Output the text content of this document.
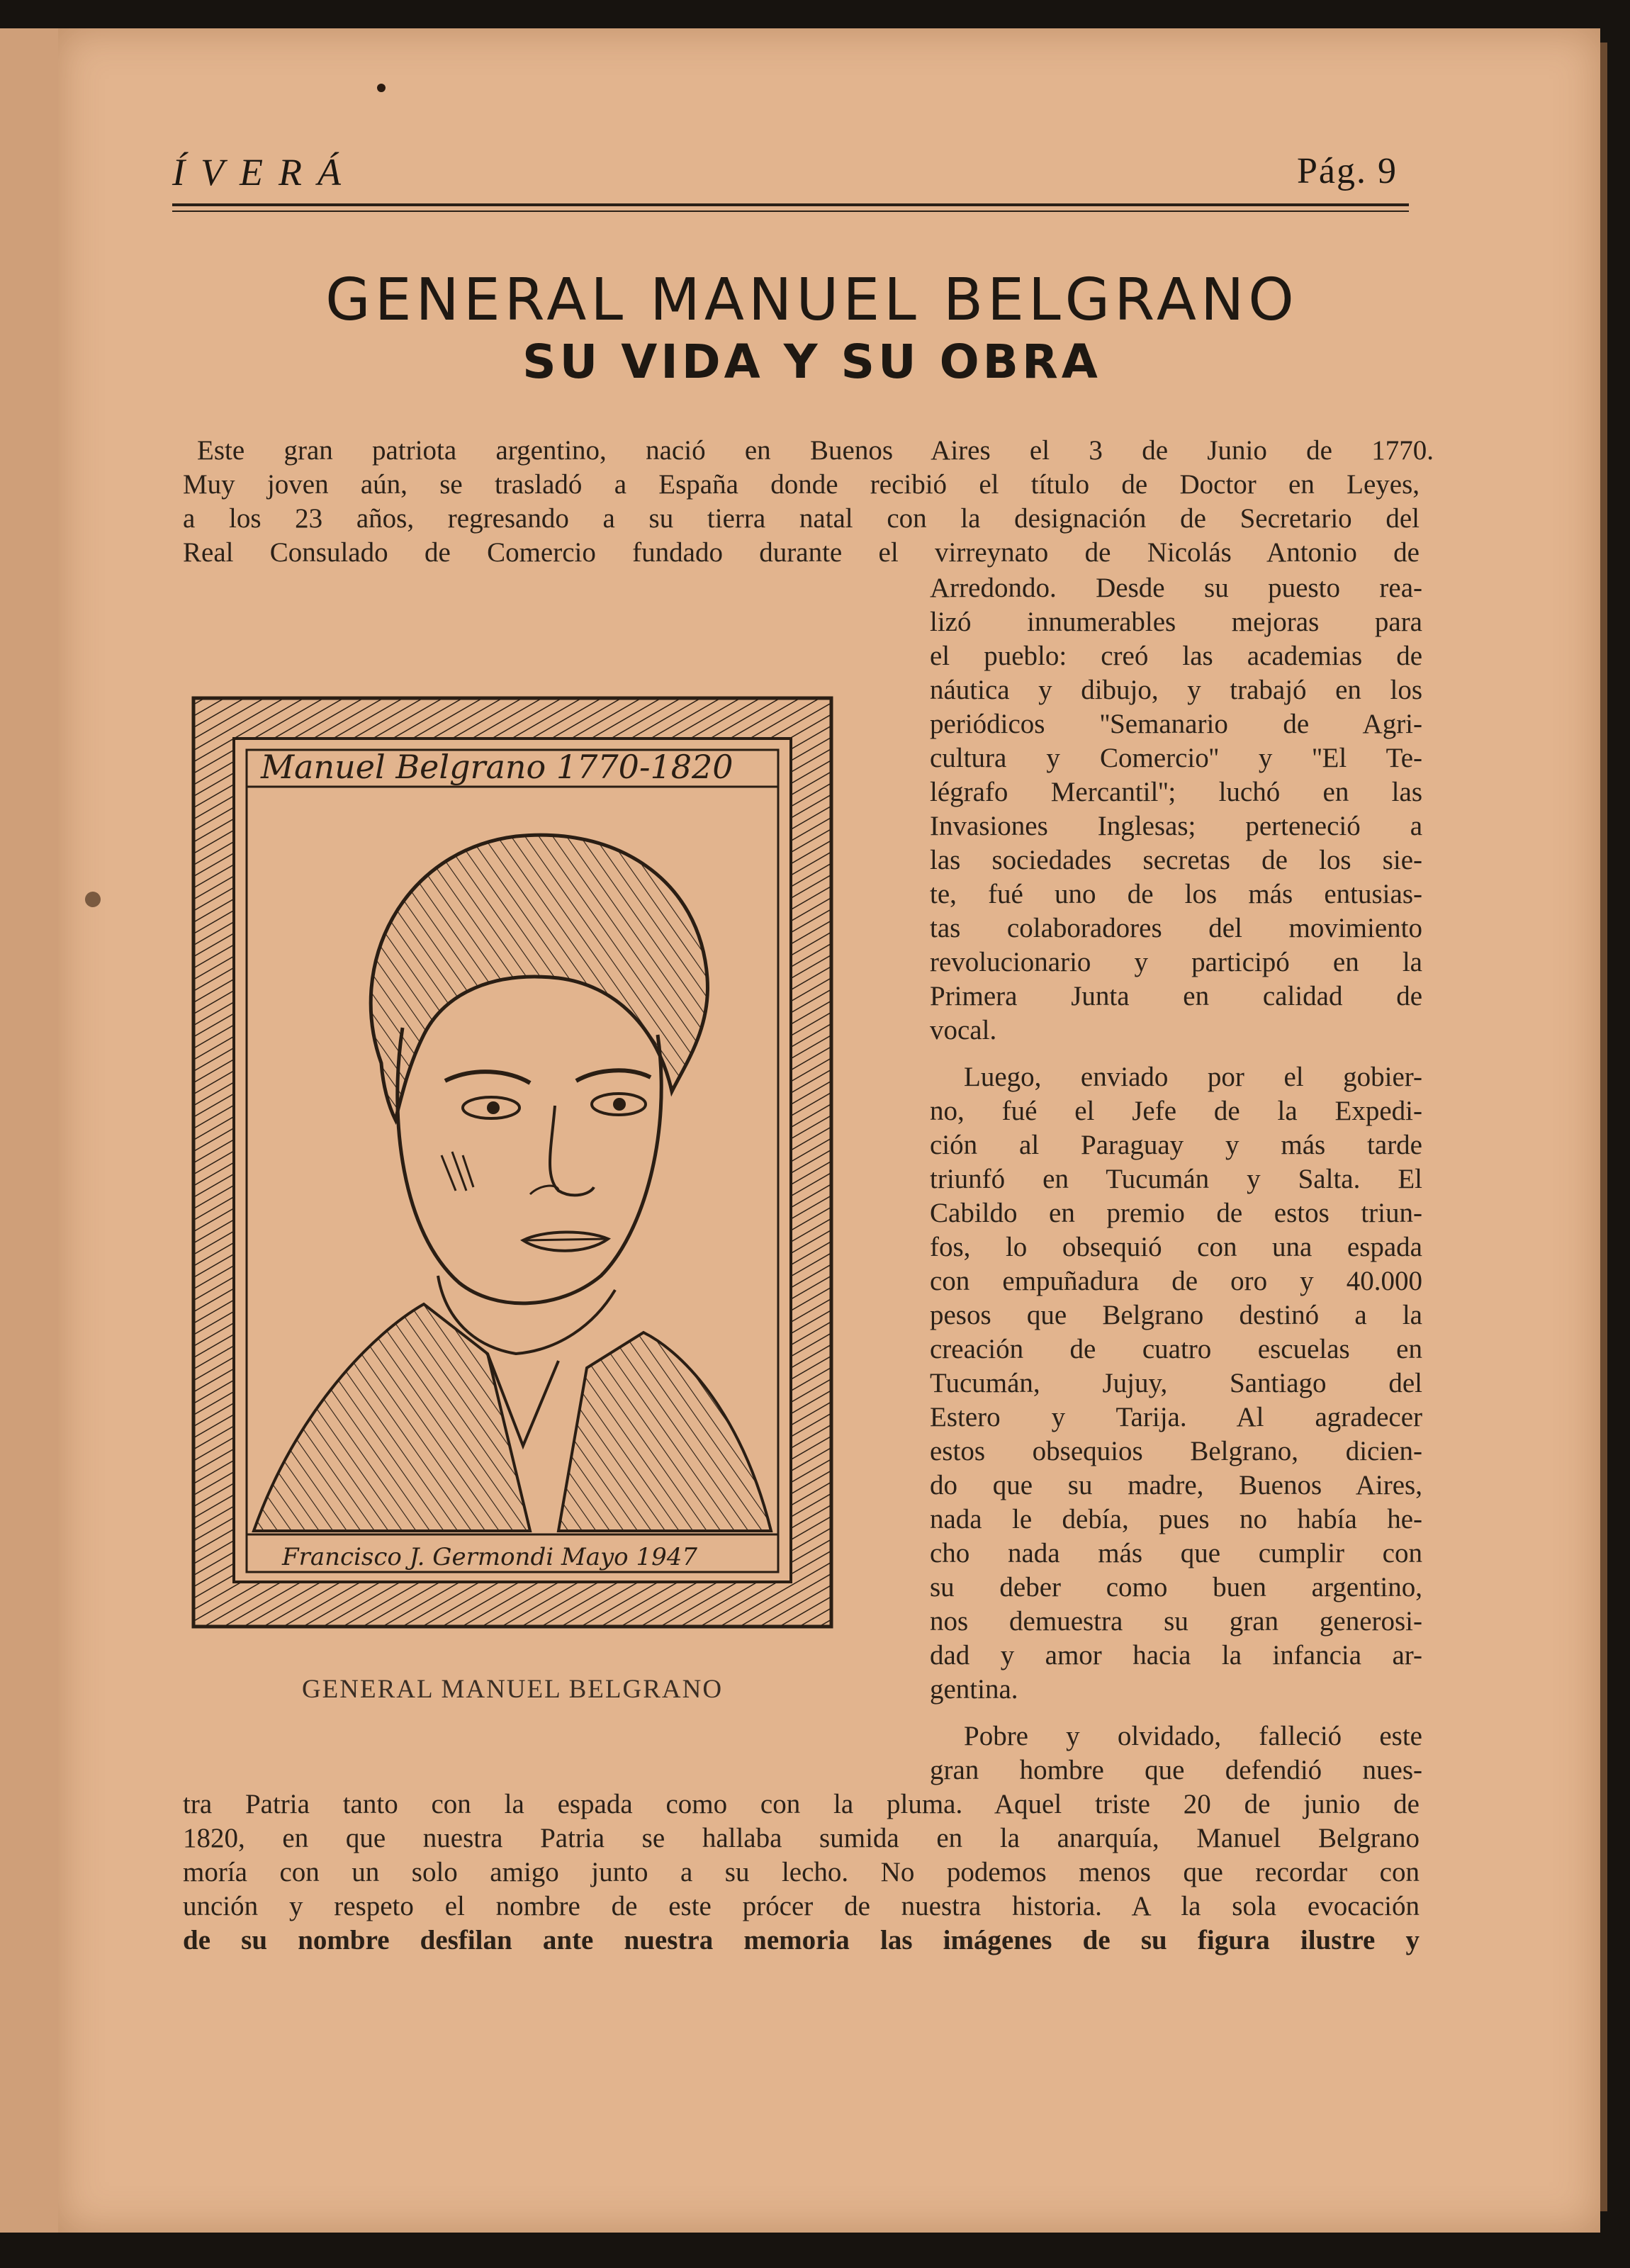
ÍVERÁ	Pág. 9
GENERAL MANUEL BELGRANO
SU VIDA Y SU OBRA
Este gran patriota argentino, nació en Buenos Aires el 3 de Junio de 1770.
Muy joven aún, se trasladó a España donde recibió el título de Doctor en Leyes,
a los 23 años, regresando a su tierra natal con la designación de Secretario del
Real Consulado de Comercio fundado durante el virreynato de Nicolás Antonio de
Arredondo. Desde su puesto rea-
lizó innumerables mejoras para
el pueblo: creó las academias de
náutica y dibujo, y trabajó en los
periódicos ''Semanario de Agri-
cultura y Comercio'' y ''El Te-
légrafo Mercantil''; luchó en las
Invasiones Inglesas; perteneció a
las sociedades secretas de los sie-
te, fué uno de los más entusias-
tas colaboradores del movimiento
revolucionario y participó en la
Primera Junta en calidad de
vocal.
Luego, enviado por el gobier-
no, fué el Jefe de la Expedi-
ción al Paraguay y más tarde
triunfó en Tucumán y Salta. El
Cabildo en premio de estos triun-
fos, lo obsequió con una espada
con empuñadura de oro y 40.000
pesos que Belgrano destinó a la
creación de cuatro escuelas en
Tucumán, Jujuy, Santiago del
Estero y Tarija. Al agradecer
estos obsequios Belgrano, dicien-
do que su madre, Buenos Aires,
nada le debía, pues no había he-
cho nada más que cumplir con
su deber como buen argentino,
nos demuestra su gran generosi-
dad y amor hacia la infancia ar-
gentina.
Pobre y olvidado, falleció este
gran hombre que defendió nues-
tra Patria tanto con la espada como con la pluma. Aquel triste 20 de junio de
1820, en que nuestra Patria se hallaba sumida en la anarquía, Manuel Belgrano
moría con un solo amigo junto a su lecho. No podemos menos que recordar con
unción y respeto el nombre de este prócer de nuestra historia. A la sola evocación
de su nombre desfilan ante nuestra memoria las imágenes de su figura ilustre y
Manuel Belgrano 1770-1820
Francisco J. Germondi Mayo 1947
GENERAL MANUEL BELGRANO
